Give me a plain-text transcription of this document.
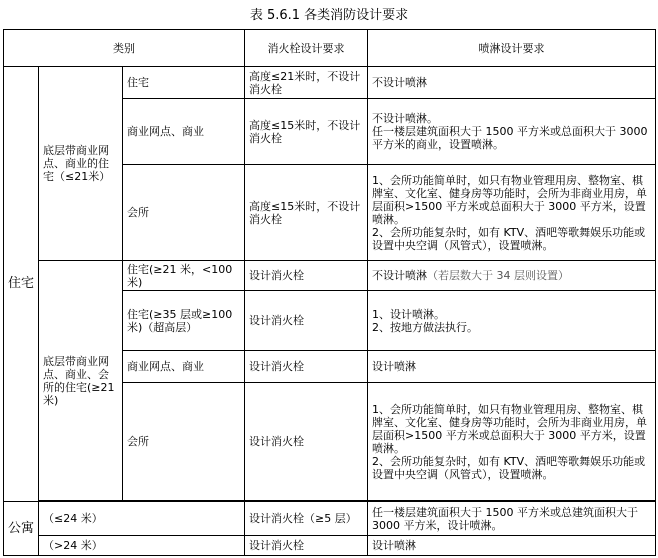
表 5.6.1 各类消防设计要求
类别			消火栓设计要求	喷淋设计要求
住宅	底层带商业网点、商业的住宅（≤21米）	住宅	高度≤21米时，不设计消火栓	不设计喷淋
		商业网点、商业	高度≤15米时，不设计消火栓	不设计喷淋。
任一楼层建筑面积大于 1500 平方米或总面积大于 3000 平方米的商业，设置喷淋。

		会所	高度≤15米时，不设计消火栓	1、会所功能简单时，如只有物业管理用房、整物室、棋牌室、文化室、健身房等功能时，会所为非商业用房，单层面积>1500 平方米或总面积大于 3000 平方米，设置喷淋。
2、会所功能复杂时，如有 KTV、酒吧等歌舞娱乐功能或设置中央空调（风管式），设置喷淋。

	底层带商业网点、商业、会所的住宅(≥21米)	住宅(≥21 米，<100 米)	设计消火栓	不设计喷淋（若层数大于 34 层则设置）
		住宅(≥35 层或≥100 米)（超高层）	设计消火栓	1、设计喷淋。
2、按地方做法执行。

		商业网点、商业	设计消火栓	设计喷淋
		会所	设计消火栓	1、会所功能简单时，如只有物业管理用房、整物室、棋牌室、文化室、健身房等功能时，会所为非商业用房，单层面积>1500 平方米或总面积大于 3000 平方米，设置喷淋。
2、会所功能复杂时，如有 KTV、酒吧等歌舞娱乐功能或设置中央空调（风管式），设置喷淋。

公寓	（≤24 米）		设计消火栓（≥5 层）	任一楼层建筑面积大于 1500 平方米或总建筑面积大于 3000 平方米，设计喷淋。
	（>24 米）		设计消火栓	设计喷淋
